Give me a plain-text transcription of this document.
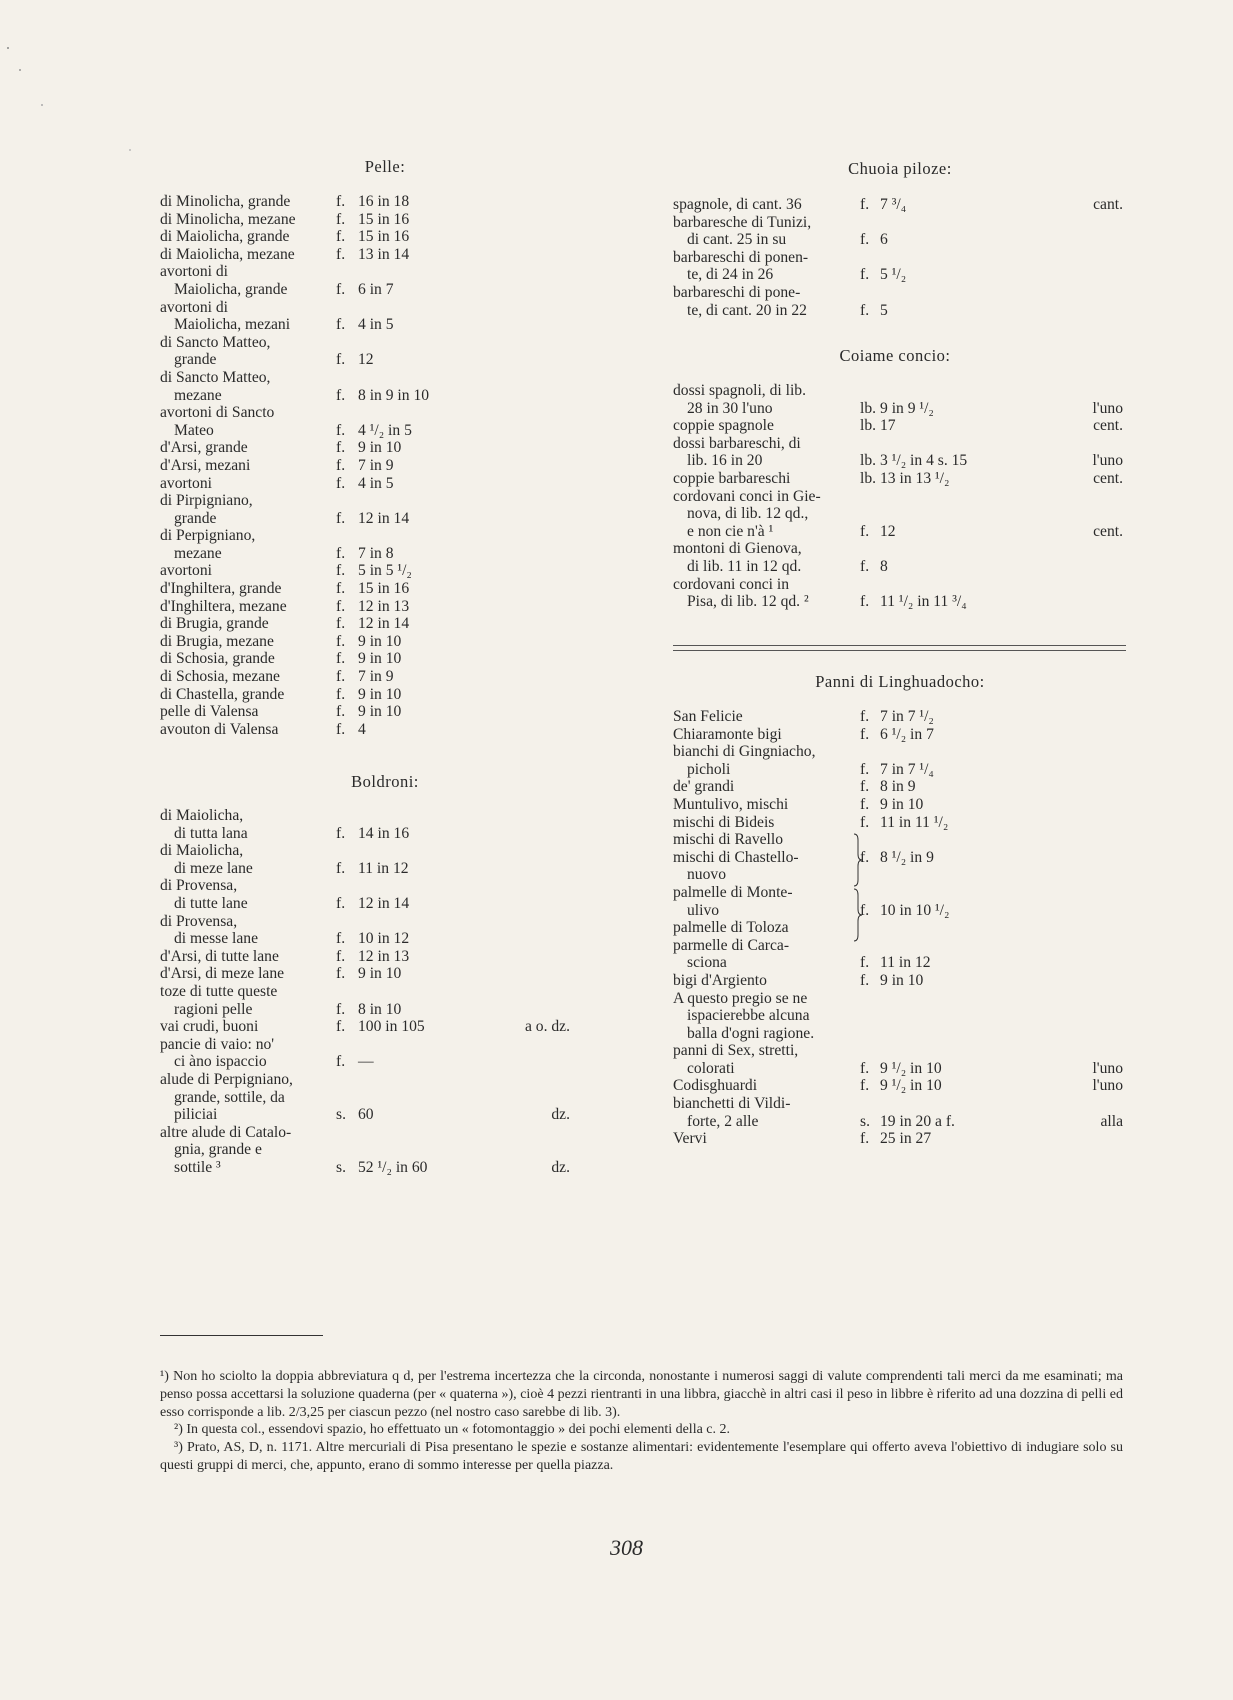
Pelle:
di Minolicha, grande	f. 16 in 18
di Minolicha, mezane	f. 15 in 16
di Maiolicha, grande	f. 15 in 16
di Maiolicha, mezane	f. 13 in 14
avortoni di
Maiolicha, grande	f. 6 in 7
avortoni di
Maiolicha, mezani	f. 4 in 5
di Sancto Matteo,
grande	f. 12
di Sancto Matteo,
mezane	f. 8 in 9 in 10
avortoni di Sancto
Mateo	f. 4 ¹/₂ in 5
d'Arsi, grande	f. 9 in 10
d'Arsi, mezani	f. 7 in 9
avortoni	f. 4 in 5
di Pirpigniano,
grande	f. 12 in 14
di Perpigniano,
mezane	f. 7 in 8
avortoni	f. 5 in 5 ¹/₂
d'Inghiltera, grande	f. 15 in 16
d'Inghiltera, mezane	f. 12 in 13
di Brugia, grande	f. 12 in 14
di Brugia, mezane	f. 9 in 10
di Schosia, grande	f. 9 in 10
di Schosia, mezane	f. 7 in 9
di Chastella, grande	f. 9 in 10
pelle di Valensa	f. 9 in 10
avouton di Valensa	f. 4
Boldroni:
di Maiolicha,
di tutta lana	f. 14 in 16
di Maiolicha,
di meze lane	f. 11 in 12
di Provensa,
di tutte lane	f. 12 in 14
di Provensa,
di messe lane	f. 10 in 12
d'Arsi, di tutte lane	f. 12 in 13
d'Arsi, di meze lane	f. 9 in 10
toze di tutte queste
ragioni pelle	f. 8 in 10
vai crudi, buoni	f. 100 in 105	a o. dz.
pancie di vaio: no'
ci àno ispaccio	f. —
alude di Perpigniano,
grande, sottile, da
piliciai	s. 60	dz.
altre alude di Catalo-
gnia, grande e
sottile ³	s. 52 ¹/₂ in 60	dz.
Chuoia piloze:
spagnole, di cant. 36	f. 7 ³/₄	cant.
barbaresche di Tunizi,
di cant. 25 in su	f. 6
barbareschi di ponen-
te, di 24 in 26	f. 5 ¹/₂
barbareschi di pone-
te, di cant. 20 in 22	f. 5
Coiame concio:
dossi spagnoli, di lib.
28 in 30 l'uno	lb. 9 in 9 ¹/₂	l'uno
coppie spagnole	lb. 17	cent.
dossi barbareschi, di
lib. 16 in 20	lb. 3 ¹/₂ in 4 s. 15	l'uno
coppie barbareschi	lb. 13 in 13 ¹/₂	cent.
cordovani conci in Gie-
nova, di lib. 12 qd.,
e non cie n'à ¹	f. 12	cent.
montoni di Gienova,
di lib. 11 in 12 qd.	f. 8
cordovani conci in
Pisa, di lib. 12 qd. ²	f. 11 ¹/₂ in 11 ³/₄
Panni di Linghuadocho:
San Felicie	f. 7 in 7 ¹/₂
Chiaramonte bigi	f. 6 ¹/₂ in 7
bianchi di Gingniacho,
picholi	f. 7 in 7 ¹/₄
de' grandi	f. 8 in 9
Muntulivo, mischi	f. 9 in 10
mischi di Bideis	f. 11 in 11 ¹/₂
mischi di Ravello
mischi di Chastello-	f. 8 ¹/₂ in 9
nuovo
palmelle di Monte-
ulivo	f. 10 in 10 ¹/₂
palmelle di Toloza
parmelle di Carca-
sciona	f. 11 in 12
bigi d'Argiento	f. 9 in 10
A questo pregio se ne
ispacierebbe alcuna
balla d'ogni ragione.
panni di Sex, stretti,
colorati	f. 9 ¹/₂ in 10	l'uno
Codisghuardi	f. 9 ¹/₂ in 10	l'uno
bianchetti di Vildi-
forte, 2 alle	s. 19 in 20 a f.	alla
Vervi	f. 25 in 27

¹) Non ho sciolto la doppia abbreviatura q d, per l'estrema incertezza che la circonda, nonostante i numerosi saggi di valute comprendenti tali merci da me esaminati; ma penso possa accettarsi la soluzione quaderna (per « quaterna »), cioè 4 pezzi rientranti in una libbra, giacchè in altri casi il peso in libbre è riferito ad una dozzina di pelli ed esso corrisponde a lib. 2/3,25 per ciascun pezzo (nel nostro caso sarebbe di lib. 3).

²) In questa col., essendovi spazio, ho effettuato un « fotomontaggio » dei pochi elementi della c. 2.

³) Prato, AS, D, n. 1171. Altre mercuriali di Pisa presentano le spezie e sostanze alimentari: evidentemente l'esemplare qui offerto aveva l'obiettivo di indugiare solo su questi gruppi di merci, che, appunto, erano di sommo interesse per quella piazza.

308
